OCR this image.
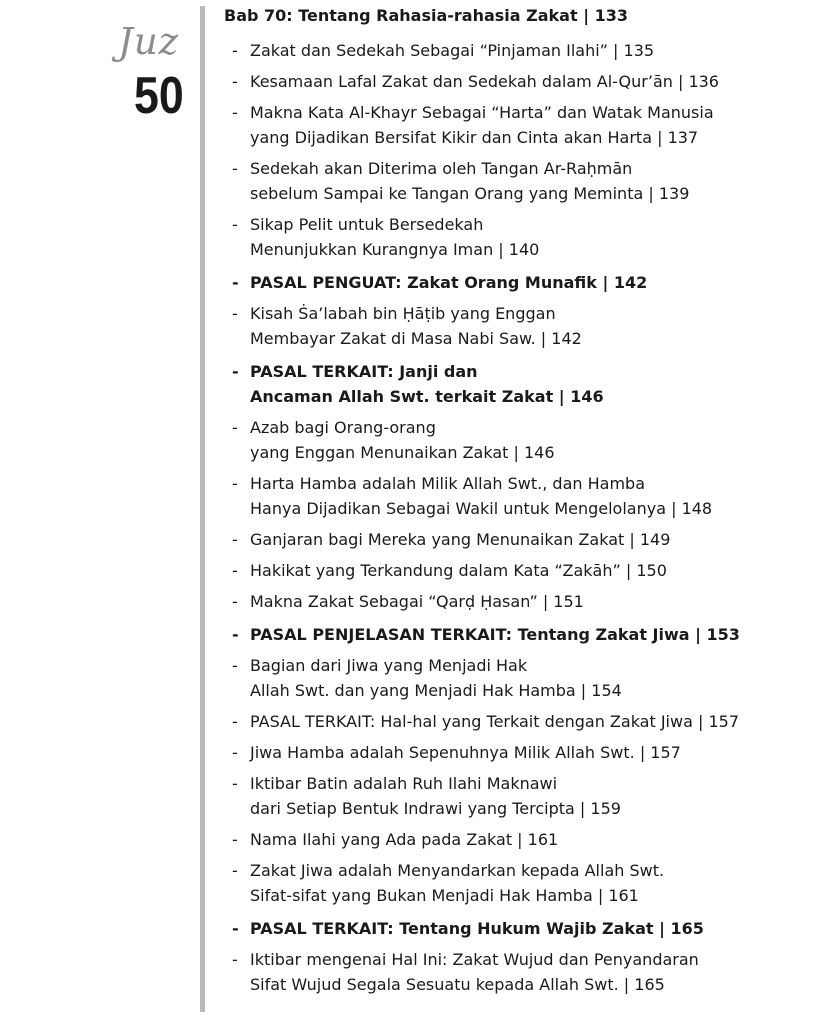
Juz
50
Bab 70: Tentang Rahasia-rahasia Zakat | 133
- Zakat dan Sedekah Sebagai “Pinjaman Ilahi” | 135
- Kesamaan Lafal Zakat dan Sedekah dalam Al-Qur’ān | 136
- Makna Kata Al-Khayr Sebagai “Harta” dan Watak Manusia
yang Dijadikan Bersifat Kikir dan Cinta akan Harta | 137
- Sedekah akan Diterima oleh Tangan Ar-Raḥmān
sebelum Sampai ke Tangan Orang yang Meminta | 139
- Sikap Pelit untuk Bersedekah
Menunjukkan Kurangnya Iman | 140
- PASAL PENGUAT: Zakat Orang Munafik | 142
- Kisah Ṡa’labah bin Ḥāṭib yang Enggan
Membayar Zakat di Masa Nabi Saw. | 142
- PASAL TERKAIT: Janji dan
Ancaman Allah Swt. terkait Zakat | 146
- Azab bagi Orang-orang
yang Enggan Menunaikan Zakat | 146
- Harta Hamba adalah Milik Allah Swt., dan Hamba
Hanya Dijadikan Sebagai Wakil untuk Mengelolanya | 148
- Ganjaran bagi Mereka yang Menunaikan Zakat | 149
- Hakikat yang Terkandung dalam Kata “Zakāh” | 150
- Makna Zakat Sebagai “Qarḍ Ḥasan” | 151
- PASAL PENJELASAN TERKAIT: Tentang Zakat Jiwa | 153
- Bagian dari Jiwa yang Menjadi Hak
Allah Swt. dan yang Menjadi Hak Hamba | 154
- PASAL TERKAIT: Hal-hal yang Terkait dengan Zakat Jiwa | 157
- Jiwa Hamba adalah Sepenuhnya Milik Allah Swt. | 157
- Iktibar Batin adalah Ruh Ilahi Maknawi
dari Setiap Bentuk Indrawi yang Tercipta | 159
- Nama Ilahi yang Ada pada Zakat | 161
- Zakat Jiwa adalah Menyandarkan kepada Allah Swt.
Sifat-sifat yang Bukan Menjadi Hak Hamba | 161
- PASAL TERKAIT: Tentang Hukum Wajib Zakat | 165
- Iktibar mengenai Hal Ini: Zakat Wujud dan Penyandaran
Sifat Wujud Segala Sesuatu kepada Allah Swt. | 165
